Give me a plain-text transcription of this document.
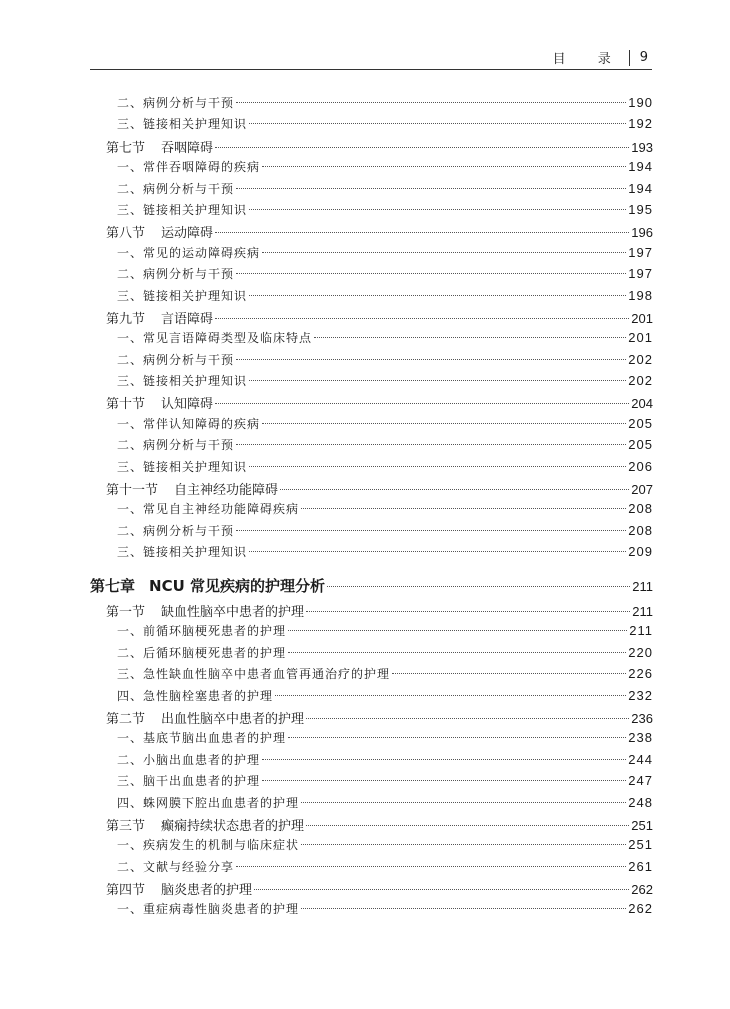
目 录 9
二、病例分析与干预	190
三、链接相关护理知识	192
第七节 吞咽障碍	193
一、常伴吞咽障碍的疾病	194
二、病例分析与干预	194
三、链接相关护理知识	195
第八节 运动障碍	196
一、常见的运动障碍疾病	197
二、病例分析与干预	197
三、链接相关护理知识	198
第九节 言语障碍	201
一、常见言语障碍类型及临床特点	201
二、病例分析与干预	202
三、链接相关护理知识	202
第十节 认知障碍	204
一、常伴认知障碍的疾病	205
二、病例分析与干预	205
三、链接相关护理知识	206
第十一节 自主神经功能障碍	207
一、常见自主神经功能障碍疾病	208
二、病例分析与干预	208
三、链接相关护理知识	209
第七章 NCU 常见疾病的护理分析	211
第一节 缺血性脑卒中患者的护理	211
一、前循环脑梗死患者的护理	211
二、后循环脑梗死患者的护理	220
三、急性缺血性脑卒中患者血管再通治疗的护理	226
四、急性脑栓塞患者的护理	232
第二节 出血性脑卒中患者的护理	236
一、基底节脑出血患者的护理	238
二、小脑出血患者的护理	244
三、脑干出血患者的护理	247
四、蛛网膜下腔出血患者的护理	248
第三节 癫痫持续状态患者的护理	251
一、疾病发生的机制与临床症状	251
二、文献与经验分享	261
第四节 脑炎患者的护理	262
一、重症病毒性脑炎患者的护理	262
